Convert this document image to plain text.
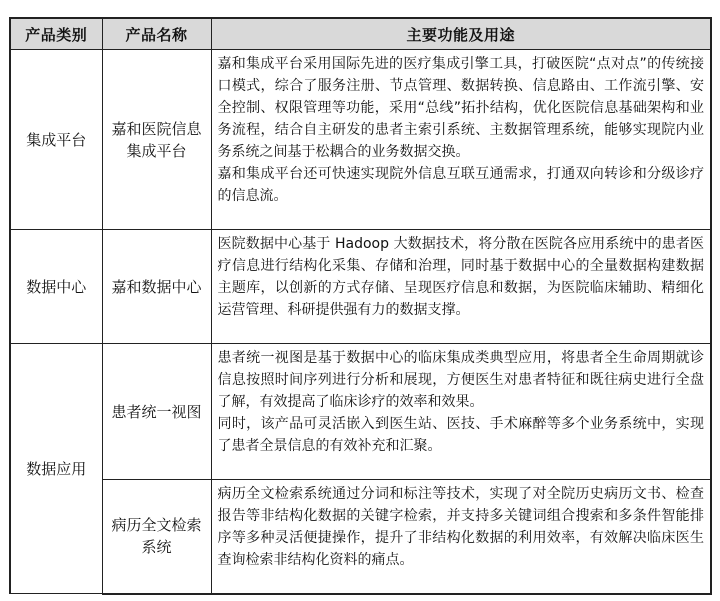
产品类别	产品名称	主要功能及用途
集成平台	嘉和医院信息集成平台	嘉和集成平台采用国际先进的医疗集成引擎工具，打破医院“点对点”的传统接口模式，综合了服务注册、节点管理、数据转换、信息路由、工作流引擎、安全控制、权限管理等功能，采用“总线”拓扑结构，优化医院信息基础架构和业务流程，结合自主研发的患者主索引系统、主数据管理系统，能够实现院内业务系统之间基于松耦合的业务数据交换。

嘉和集成平台还可快速实现院外信息互联互通需求，打通双向转诊和分级诊疗的信息流。

数据中心	嘉和数据中心	医院数据中心基于 Hadoop 大数据技术，将分散在医院各应用系统中的患者医疗信息进行结构化采集、存储和治理，同时基于数据中心的全量数据构建数据主题库，以创新的方式存储、呈现医疗信息和数据，为医院临床辅助、精细化运营管理、科研提供强有力的数据支撑。

数据应用	患者统一视图	患者统一视图是基于数据中心的临床集成类典型应用，将患者全生命周期就诊信息按照时间序列进行分析和展现，方便医生对患者特征和既往病史进行全盘了解，有效提高了临床诊疗的效率和效果。

同时，该产品可灵活嵌入到医生站、医技、手术麻醉等多个业务系统中，实现了患者全景信息的有效补充和汇聚。

	病历全文检索系统	病历全文检索系统通过分词和标注等技术，实现了对全院历史病历文书、检查报告等非结构化数据的关键字检索，并支持多关键词组合搜索和多条件智能排序等多种灵活便捷操作，提升了非结构化数据的利用效率，有效解决临床医生查询检索非结构化资料的痛点。
